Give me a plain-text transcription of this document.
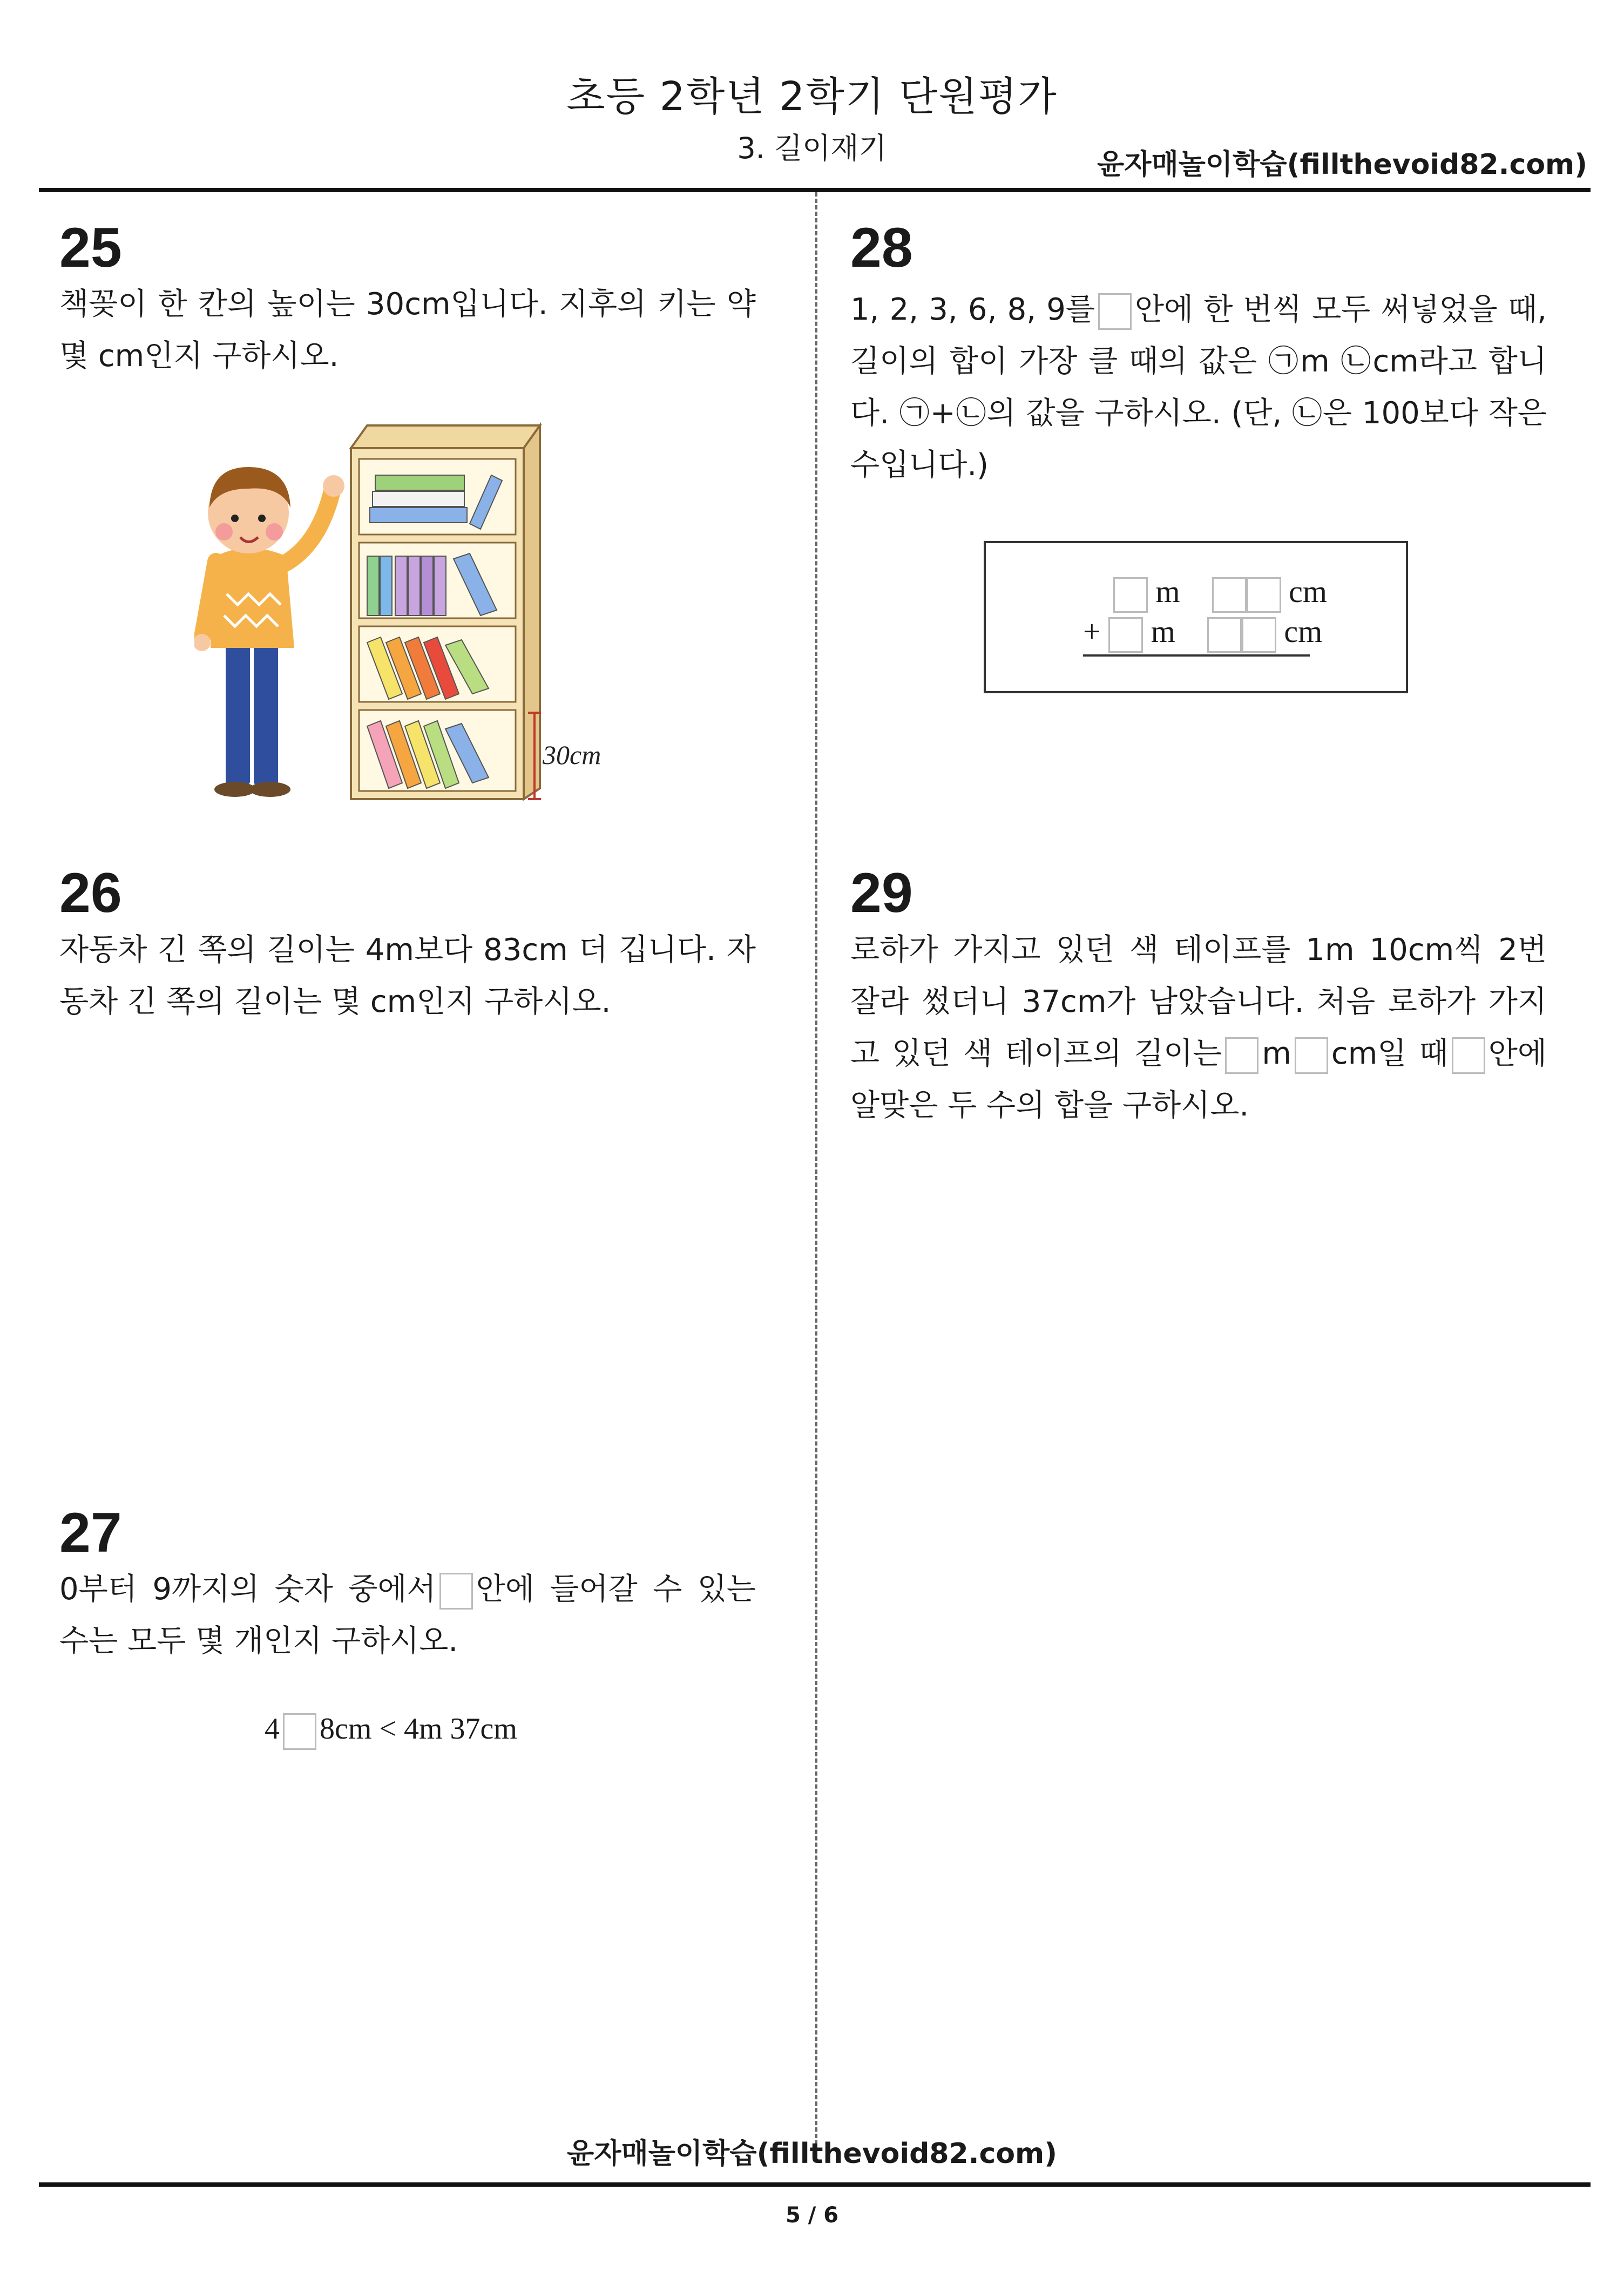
초등 2학년 2학기 단원평가
3. 길이재기	윤자매놀이학습(fillthevoid82.com)
25
책꽂이 한 칸의 높이는 30cm입니다. 지후의 키는 약 몇 cm인지 구하시오.
30cm
26
자동차 긴 쪽의 길이는 4m보다 83cm 더 깁니다. 자동차 긴 쪽의 길이는 몇 cm인지 구하시오.
27
0부터 9까지의 숫자 중에서 안에 들어갈 수 있는 수는 모두 몇 개인지 구하시오.
4 8cm < 4m 37cm
28
1, 2, 3, 6, 8, 9를 안에 한 번씩 모두 써넣었을 때, 길이의 합이 가장 클 때의 값은 ㉠m ㉡cm라고 합니다. ㉠+㉡의 값을 구하시오. (단, ㉡은 100보다 작은 수입니다.)
m	cm
+ m	cm
29
로하가 가지고 있던 색 테이프를 1m 10cm씩 2번 잘라 썼더니 37cm가 남았습니다. 처음 로하가 가지고 있던 색 테이프의 길이는 m cm일 때 안에 알맞은 두 수의 합을 구하시오.
윤자매놀이학습(fillthevoid82.com)
5 / 6
